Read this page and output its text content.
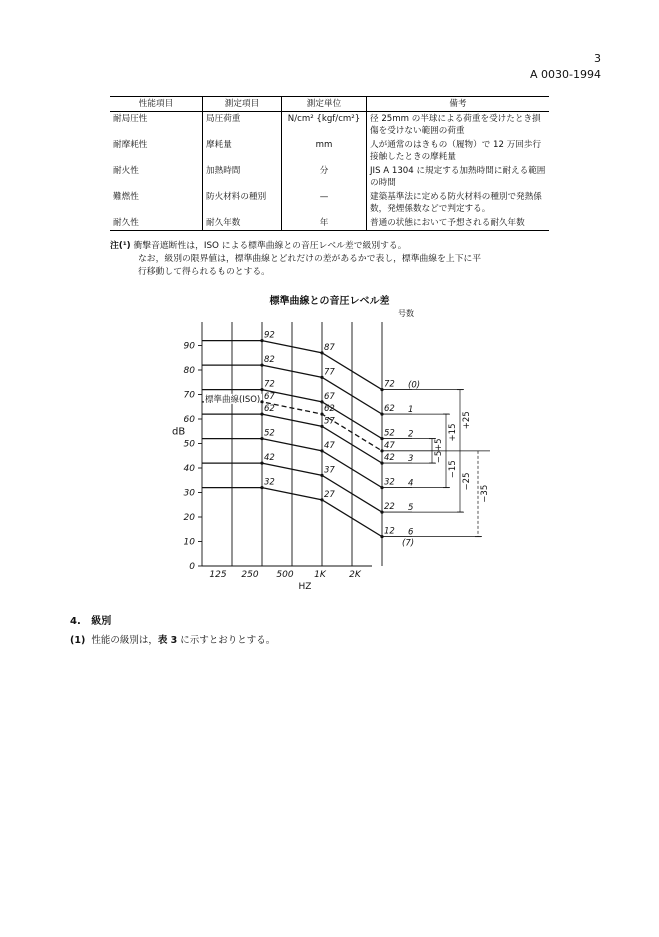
3
A 0030-1994
性能項目	測定項目	測定単位	備考
耐局圧性	局圧荷重	N/cm² {kgf/cm²}	径 25mm の半球による荷重を受けたとき損傷を受けない範囲の荷重
耐摩耗性	摩耗量	mm	人が通常のはきもの（履物）で 12 万回歩行接触したときの摩耗量
耐火性	加熱時間	分	JIS A 1304 に規定する加熱時間に耐える範囲の時間
難燃性	防火材料の種別	—	建築基準法に定める防火材料の種別で発熱係数，発煙係数などで判定する。
耐久性	耐久年数	年	普通の状態において予想される耐久年数
注(¹) 衝撃音遮断性は，ISO による標準曲線との音圧レベル差で級別する。
なお，級別の限界値は，標準曲線とどれだけの差があるかで表し，標準曲線を上下に平
行移動して得られるものとする。
標準曲線との音圧レベル差
0
10
20
30
40
50
60
70
80
90
dB
125 250 500 1K	2K
HZ
号数
92
87
72 (0)
82
77
62 1
72
67
52 2
62
57
42 3
52
47
32 4
42
37
22 5
32
27
12 6
(7)
標準曲線(ISO) 67
62
47
+25
+15
+5
−5
−15
−25
−35
4. 級別
(1) 性能の級別は，表 3 に示すとおりとする。
